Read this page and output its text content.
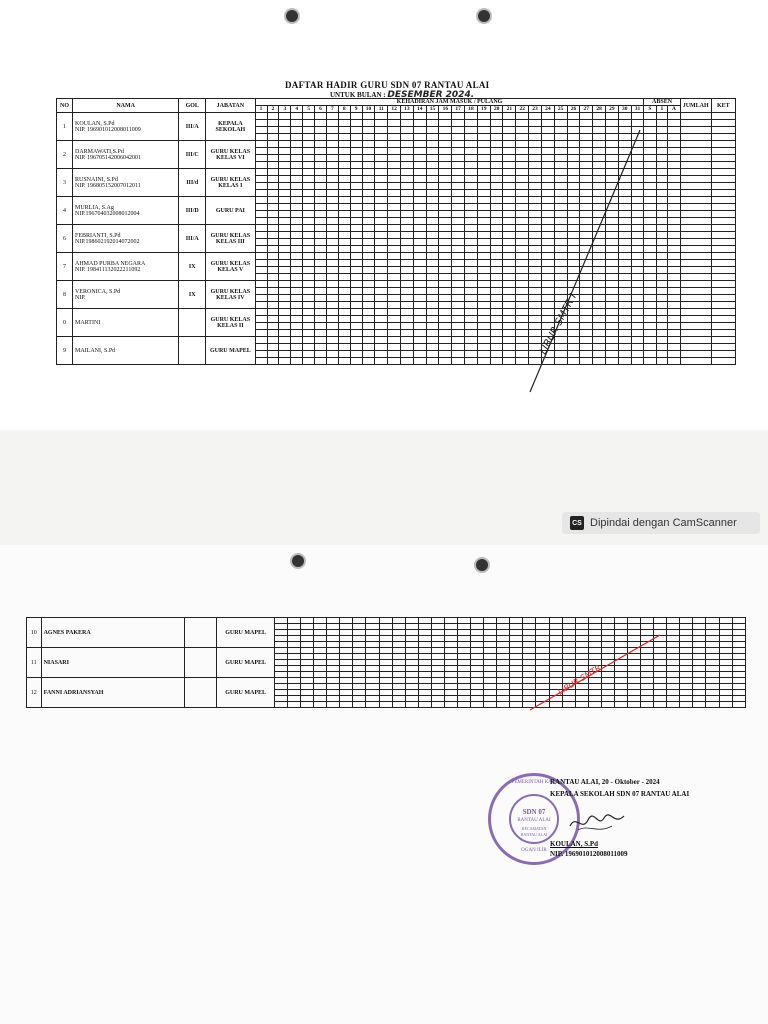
DAFTAR HADIR GURU SDN 07 RANTAU ALAI
UNTUK BULAN : DESEMBER 2024.
NO	NAMA	GOL	JABATAN	KEHADIRAN JAM MASUK / PULANG																															ABSEN			JUMLAH	KET
				1	2	3	4	5	6	7	8	9	10	11	12	13	14	15	16	17	18	19	20	21	22	23	24	25	26	27	28	29	30	31	S	I	A		
1	KOULAN, S.Pd
NIP. 196901012008011009	III/A	KEPALA SEKOLAH																																				

2	DARMAWATI,S.Pd
NIP. 196705142006042001	III/C	GURU KELAS KELAS VI																																				

3	RUSNAINI, S.Pd
NIP. 196805152007012011	III/d	GURU KELAS KELAS I																																				

4	MURLIA, S.Ag
NIP.196704032008012004	III/D	GURU PAI																																				

6	FEBRIANTI, S.Pd
NIP.198602192014072002	III/A	GURU KELAS KELAS III																																				

7	AHMAD PURBA NEGARA
NIP. 198411132022211092	IX	GURU KELAS KELAS V																																				

8	VERONICA, S.Pd
NIP.	IX	GURU KELAS KELAS IV																																				

0	MARTINI		GURU KELAS KELAS II																																				

9	MAILANI, S.Pd		GURU MAPEL																																				

																																				LIBUR SMTR I
CS Dipindai dengan CamScanner
10	AGNES PAKERA		GURU MAPEL																																				

11	NIASARI		GURU MAPEL																																				

12	FANNI ADRIANSYAH		GURU MAPEL																																				

																																				LIBUR SMTR
PEMERINTAH KAB.
SDN 07
RANTAU ALAI
KECAMATAN
RANTAU ALAI
OGAN ILIR
RANTAU ALAI, 20 - Oktober - 2024
KEPALA SEKOLAH SDN 07 RANTAU ALAI
KOULAN, S.Pd
NIP. 196901012008011009
